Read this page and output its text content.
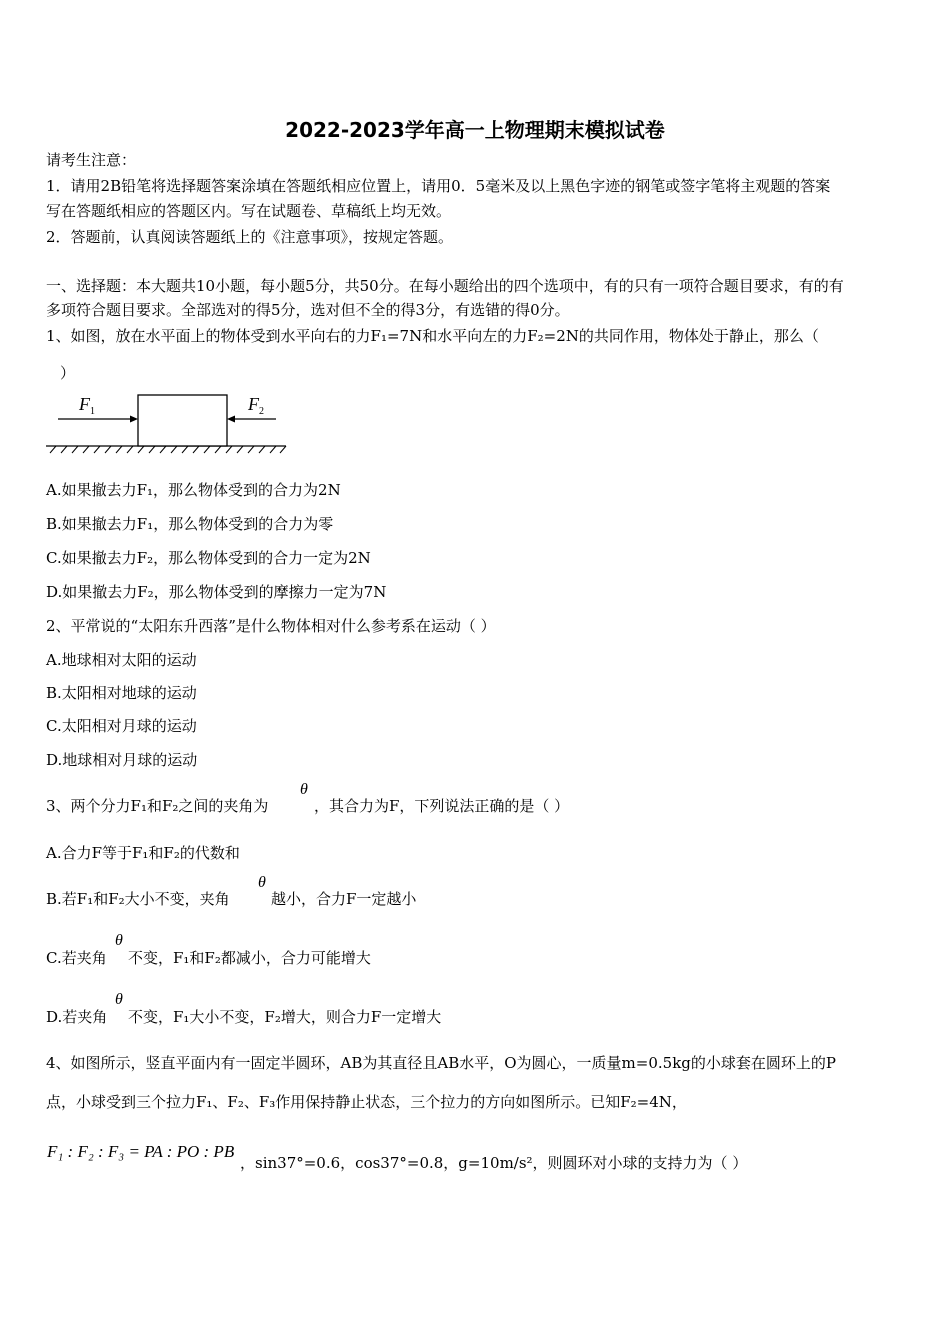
2022-2023学年高一上物理期末模拟试卷
请考生注意：
1．请用2B铅笔将选择题答案涂填在答题纸相应位置上，请用0．5毫米及以上黑色字迹的钢笔或签字笔将主观题的答案
写在答题纸相应的答题区内。写在试题卷、草稿纸上均无效。
2．答题前，认真阅读答题纸上的《注意事项》，按规定答题。
一、选择题：本大题共10小题，每小题5分，共50分。在每小题给出的四个选项中，有的只有一项符合题目要求，有的有
多项符合题目要求。全部选对的得5分，选对但不全的得3分，有选错的得0分。
1、如图，放在水平面上的物体受到水平向右的力F₁=7N和水平向左的力F₂=2N的共同作用，物体处于静止，那么（
）
F 1	F 2
A.如果撤去力F₁，那么物体受到的合力为2N
B.如果撤去力F₁，那么物体受到的合力为零
C.如果撤去力F₂，那么物体受到的合力一定为2N
D.如果撤去力F₂，那么物体受到的摩擦力一定为7N
2、平常说的“太阳东升西落”是什么物体相对什么参考系在运动（ ）
A.地球相对太阳的运动
B.太阳相对地球的运动
C.太阳相对月球的运动
D.地球相对月球的运动
3、两个分力F₁和F₂之间的夹角为
θ
，其合力为F，下列说法正确的是（ ）
A.合力F等于F₁和F₂的代数和
B.若F₁和F₂大小不变，夹角
θ
越小，合力F一定越小
C.若夹角
θ
不变，F₁和F₂都减小，合力可能增大
D.若夹角
θ
不变，F₁大小不变，F₂增大，则合力F一定增大
4、如图所示，竖直平面内有一固定半圆环，AB为其直径且AB水平，O为圆心，一质量m=0.5kg的小球套在圆环上的P
点，小球受到三个拉力F₁、F₂、F₃作用保持静止状态，三个拉力的方向如图所示。已知F₂=4N，
F₁ : F₂ : F₃ = PA : PO : PB
，sin37°=0.6，cos37°=0.8，g=10m/s²，则圆环对小球的支持力为（ ）
